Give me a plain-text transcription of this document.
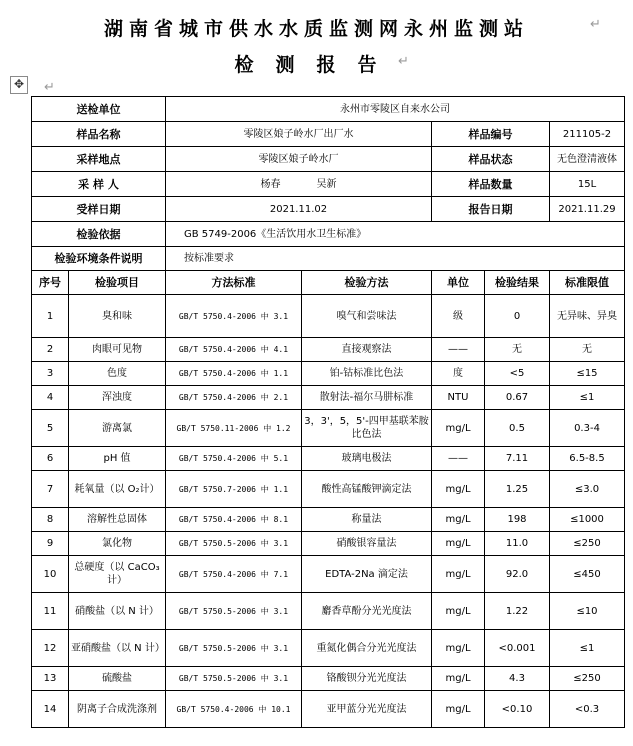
湖南省城市供水水质监测网永州监测站	↵
检测报告 ↵
✥	↵
送检单位		永州市零陵区自来水公司				
样品名称		零陵区娘子岭水厂出厂水		样品编号		211105-2
采样地点		零陵区娘子岭水厂		样品状态		无色澄清液体
采 样 人		杨春 吴新		样品数量		15L
受样日期		2021.11.02		报告日期		2021.11.29
检验依据		GB 5749-2006《生活饮用水卫生标准》				
检验环境条件说明		按标准要求				
序号	检验项目	方法标准	检验方法	单位	检验结果	标准限值
1	臭和味	GB/T 5750.4-2006 中 3.1	嗅气和尝味法	级	0	无异味、异臭
2	肉眼可见物	GB/T 5750.4-2006 中 4.1	直接观察法	——	无	无
3	色度	GB/T 5750.4-2006 中 1.1	铂-钴标准比色法	度	<5	≤15
4	浑浊度	GB/T 5750.4-2006 中 2.1	散射法-福尔马肼标准	NTU	0.67	≤1
5	游离氯	GB/T 5750.11-2006 中 1.2	3，3'，5，5'-四甲基联苯胺比色法	mg/L	0.5	0.3-4
6	pH 值	GB/T 5750.4-2006 中 5.1	玻璃电极法	——	7.11	6.5-8.5
7	耗氧量（以 O₂计）	GB/T 5750.7-2006 中 1.1	酸性高锰酸钾滴定法	mg/L	1.25	≤3.0
8	溶解性总固体	GB/T 5750.4-2006 中 8.1	称量法	mg/L	198	≤1000
9	氯化物	GB/T 5750.5-2006 中 3.1	硝酸银容量法	mg/L	11.0	≤250
10	总硬度（以 CaCO₃计）	GB/T 5750.4-2006 中 7.1	EDTA-2Na 滴定法	mg/L	92.0	≤450
11	硝酸盐（以 N 计）	GB/T 5750.5-2006 中 3.1	麝香草酚分光光度法	mg/L	1.22	≤10
12	亚硝酸盐（以 N 计）	GB/T 5750.5-2006 中 3.1	重氮化偶合分光光度法	mg/L	<0.001	≤1
13	硫酸盐	GB/T 5750.5-2006 中 3.1	铬酸钡分光光度法	mg/L	4.3	≤250
14	阴离子合成洗涤剂	GB/T 5750.4-2006 中 10.1	亚甲蓝分光光度法	mg/L	<0.10	<0.3
